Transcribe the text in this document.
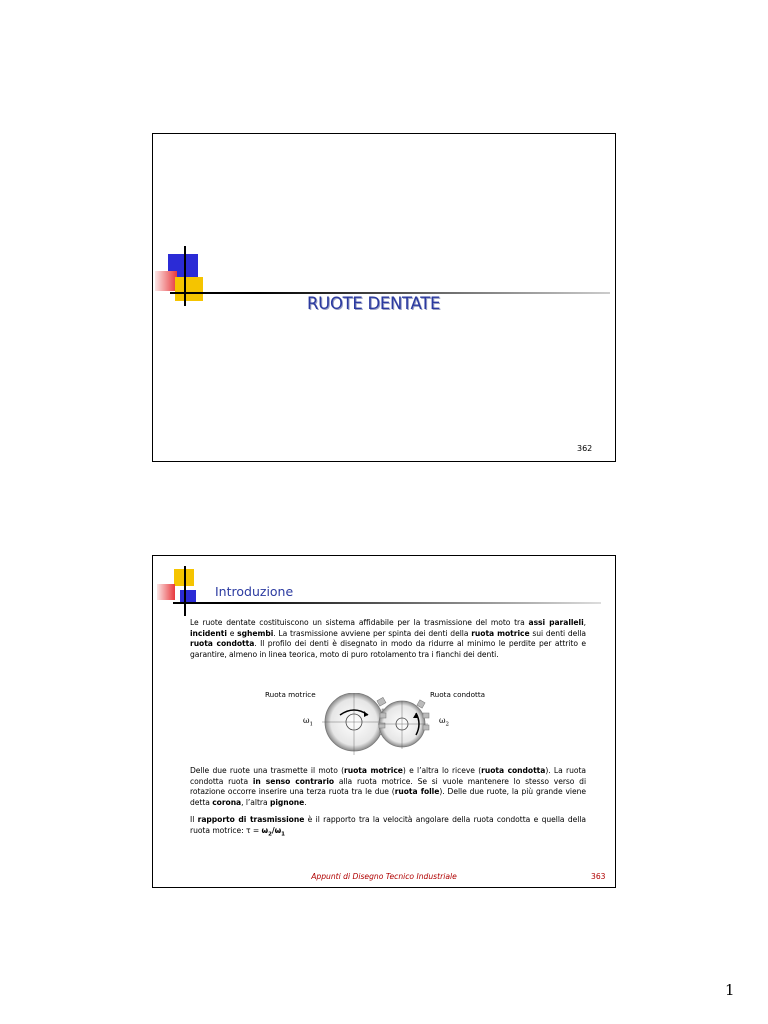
RUOTE DENTATE
362
Introduzione
Le ruote dentate costituiscono un sistema affidabile per la trasmissione del moto tra assi paralleli, incidenti e sghembi. La trasmissione avviene per spinta dei denti della ruota motrice sui denti della ruota condotta. Il profilo dei denti è disegnato in modo da ridurre al minimo le perdite per attrito e garantire, almeno in linea teorica, moto di puro rotolamento tra i fianchi dei denti.
Ruota motrice	Ruota condotta
$\omega_1$	$\omega_2$
Delle due ruote una trasmette il moto (ruota motrice) e l’altra lo riceve (ruota condotta). La ruota condotta ruota in senso contrario alla ruota motrice. Se si vuole mantenere lo stesso verso di rotazione occorre inserire una terza ruota tra le due (ruota folle). Delle due ruote, la più grande viene detta corona, l’altra pignone.
Il rapporto di trasmissione è il rapporto tra la velocità angolare della ruota condotta e quella della ruota motrice: $\tau = \omega_2/\omega_1$
Appunti di Disegno Tecnico Industriale	363
1
